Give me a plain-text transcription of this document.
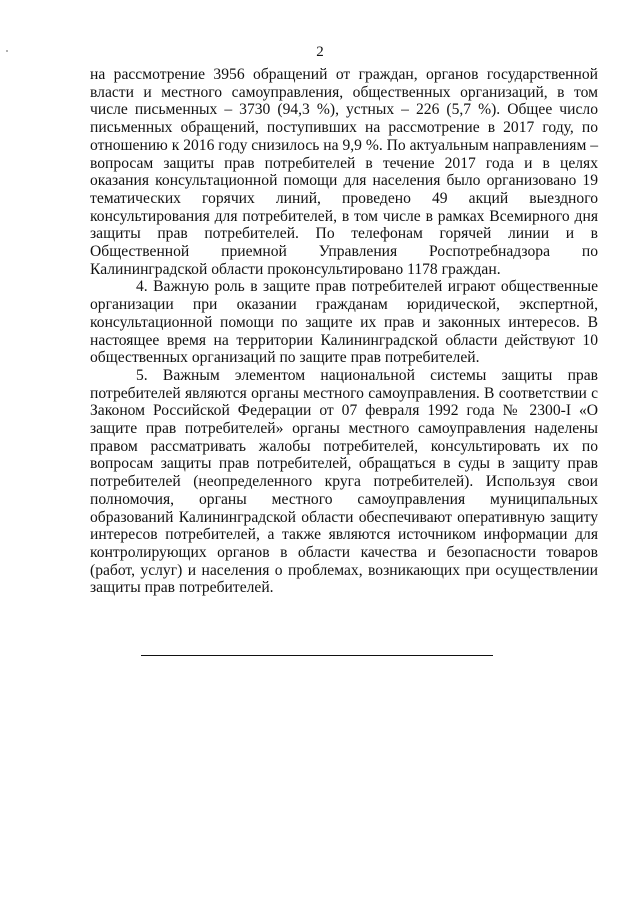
2

на рассмотрение 3956 обращений от граждан, органов государственной власти и местного самоуправления, общественных организаций, в том числе письменных – 3730 (94,3 %), устных – 226 (5,7 %). Общее число письменных обращений, поступивших на рассмотрение в 2017 году, по отношению к 2016 году снизилось на 9,9 %. По актуальным направлениям – вопросам защиты прав потребителей в течение 2017 года и в целях оказания консультационной помощи для населения было организовано 19 тематических горячих линий, проведено 49 акций выездного консультирования для потребителей, в том числе в рамках Всемирного дня защиты прав потребителей. По телефонам горячей линии и в Общественной приемной Управления Роспотребнадзора по Калининградской области проконсультировано 1178 граждан.

4. Важную роль в защите прав потребителей играют общественные организации при оказании гражданам юридической, экспертной, консультационной помощи по защите их прав и законных интересов. В настоящее время на территории Калининградской области действуют 10 общественных организаций по защите прав потребителей.

5. Важным элементом национальной системы защиты прав потребителей являются органы местного самоуправления. В соответствии с Законом Российской Федерации от 07 февраля 1992 года № 2300-I «О защите прав потребителей» органы местного самоуправления наделены правом рассматривать жалобы потребителей, консультировать их по вопросам защиты прав потребителей, обращаться в суды в защиту прав потребителей (неопределенного круга потребителей). Используя свои полномочия, органы местного самоуправления муниципальных образований Калининградской области обеспечивают оперативную защиту интересов потребителей, а также являются источником информации для контролирующих органов в области качества и безопасности товаров (работ, услуг) и населения о проблемах, возникающих при осуществлении защиты прав потребителей.
